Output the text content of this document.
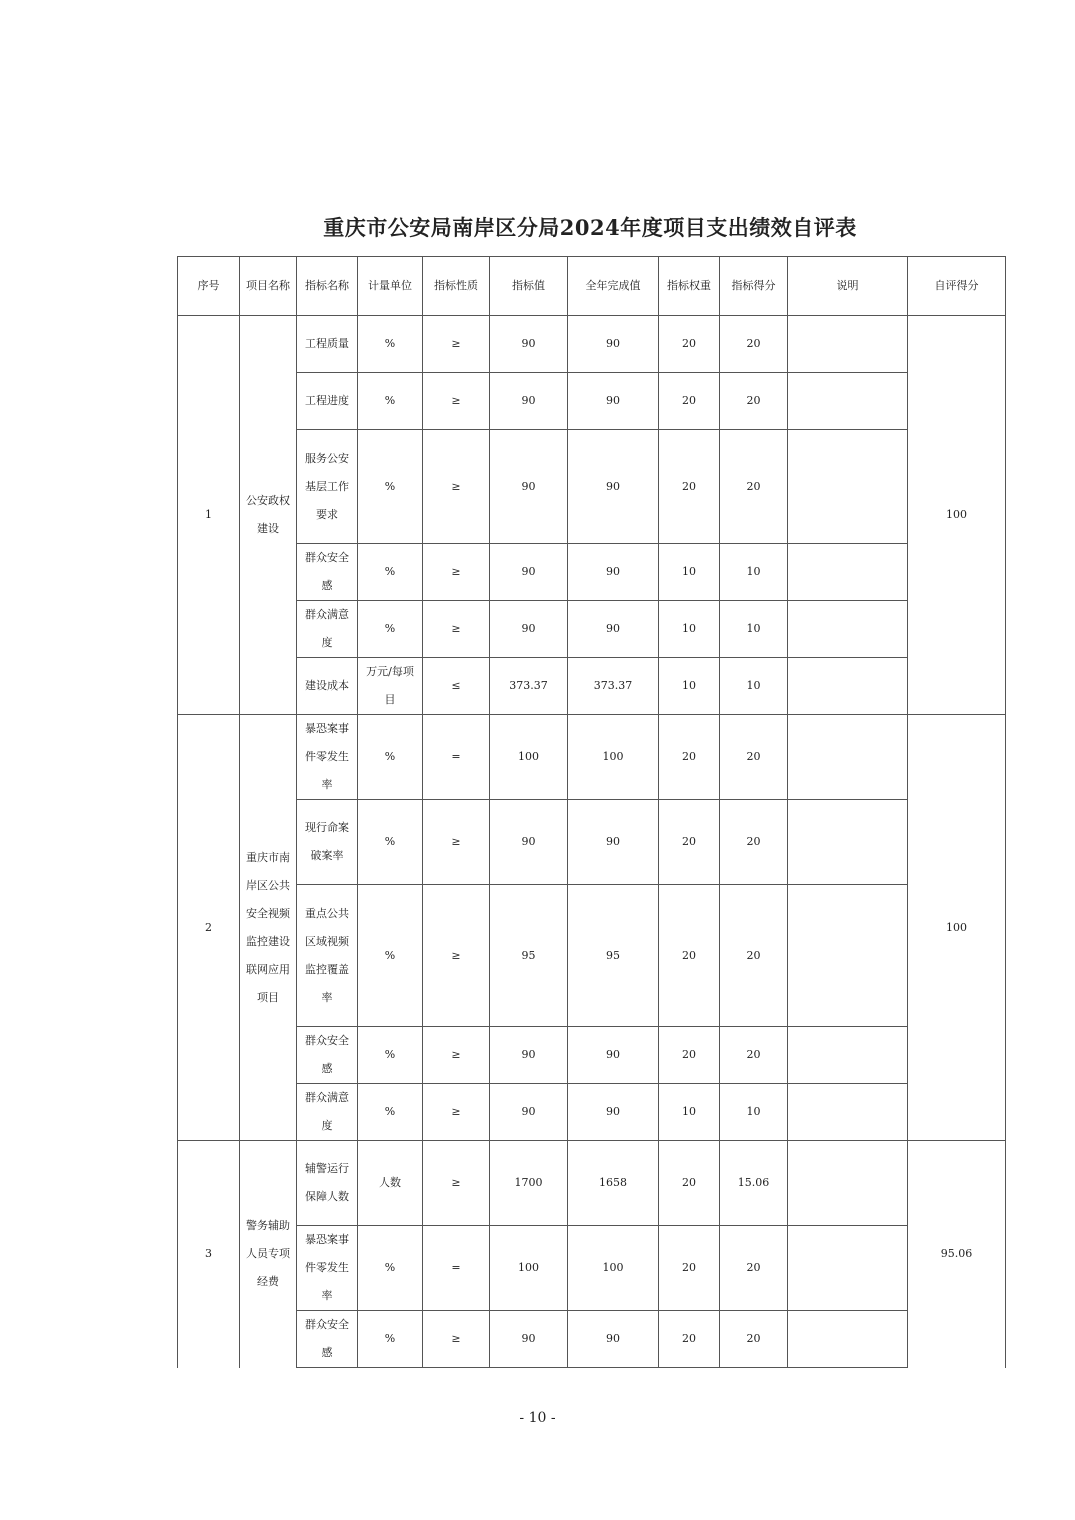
重庆市公安局南岸区分局2024年度项目支出绩效自评表
序号	项目名称	指标名称	计量单位	指标性质	指标值	全年完成值	指标权重	指标得分	说明	自评得分

1	公安政权建设	工程质量	%	≥	90	90	20	20		100

		工程进度	%	≥	90	90	20	20		

		服务公安基层工作要求	%	≥	90	90	20	20		

		群众安全感	%	≥	90	90	10	10		

		群众满意度	%	≥	90	90	10	10		

		建设成本	万元/每项目	≤	373.37	373.37	10	10		

2	重庆市南岸区公共安全视频监控建设联网应用项目	暴恐案事件零发生率	%	=	100	100	20	20		100

		现行命案破案率	%	≥	90	90	20	20		

		重点公共区域视频监控覆盖率	%	≥	95	95	20	20		

		群众安全感	%	≥	90	90	20	20		

		群众满意度	%	≥	90	90	10	10		

3	警务辅助人员专项经费	辅警运行保障人数	人数	≥	1700	1658	20	15.06		95.06

		暴恐案事件零发生率	%	=	100	100	20	20		

		群众安全感	%	≥	90	90	20	20		

- 10 -
